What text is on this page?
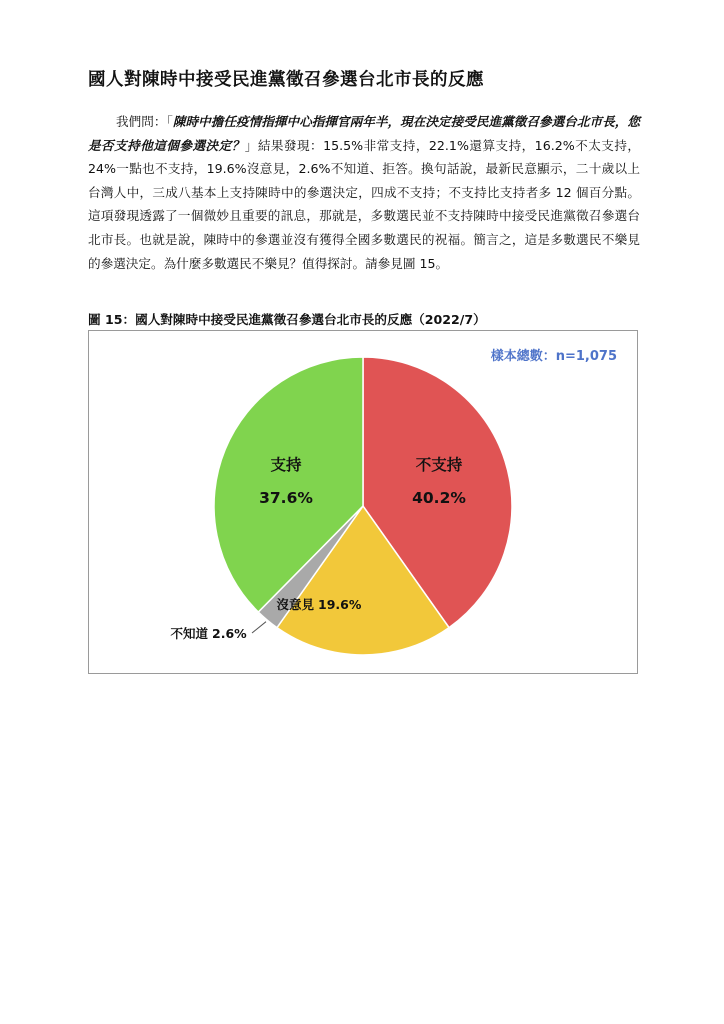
國人對陳時中接受民進黨徵召參選台北市長的反應

我們問：「陳時中擔任疫情指揮中心指揮官兩年半，現在決定接受民進黨徵召參選台北市長，您是否支持他這個參選決定？」結果發現：15.5%非常支持，22.1%還算支持，16.2%不太支持，24%一點也不支持，19.6%沒意見，2.6%不知道、拒答。換句話說，最新民意顯示，二十歲以上台灣人中，三成八基本上支持陳時中的參選決定，四成不支持；不支持比支持者多 12 個百分點。這項發現透露了一個微妙且重要的訊息，那就是，多數選民並不支持陳時中接受民進黨徵召參選台北市長。也就是說，陳時中的參選並沒有獲得全國多數選民的祝福。簡言之，這是多數選民不樂見的參選決定。為什麼多數選民不樂見？值得探討。請參見圖 15。

圖 15：國人對陳時中接受民進黨徵召參選台北市長的反應（2022/7）
樣本總數：n=1,075
不支持
40.2%
支持
37.6%
沒意見 19.6%
不知道 2.6%
